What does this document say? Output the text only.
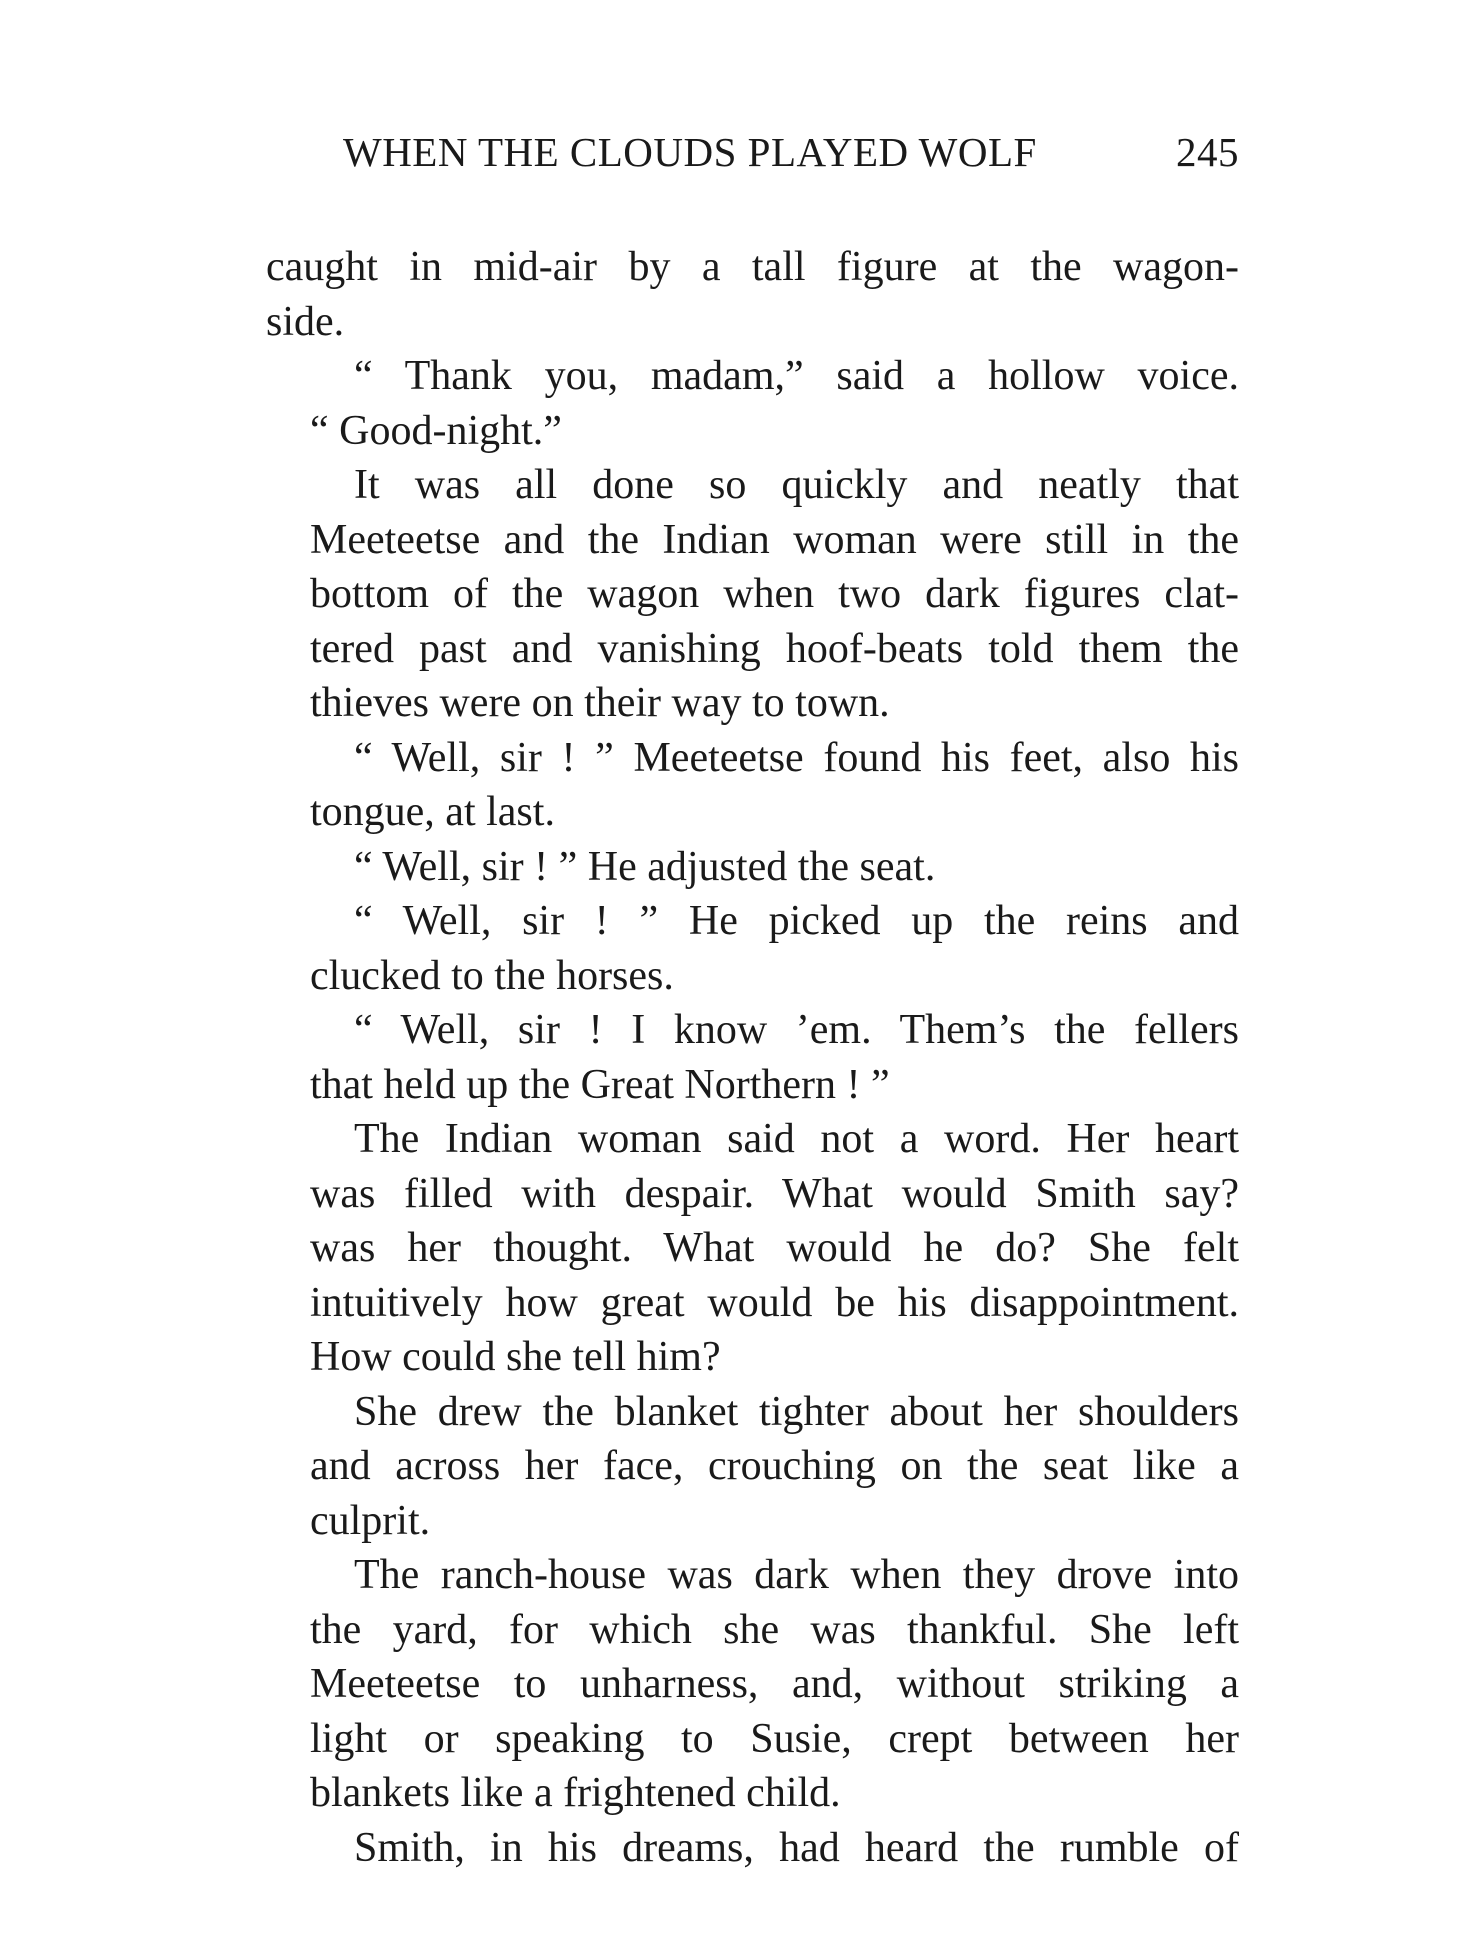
WHEN THE CLOUDS PLAYED WOLF	245

caught in mid-air by a tall figure at the wagon-
side.

“ Thank you, madam,” said a hollow voice.
“ Good-night.”

It was all done so quickly and neatly that
Meeteetse and the Indian woman were still in the
bottom of the wagon when two dark figures clat-
tered past and vanishing hoof-beats told them the
thieves were on their way to town.

“ Well, sir ! ” Meeteetse found his feet, also his
tongue, at last.

“ Well, sir ! ” He adjusted the seat.

“ Well, sir ! ” He picked up the reins and
clucked to the horses.

“ Well, sir ! I know ’em. Them’s the fellers
that held up the Great Northern ! ”

The Indian woman said not a word. Her heart
was filled with despair. What would Smith say?
was her thought. What would he do? She felt
intuitively how great would be his disappointment.
How could she tell him?

She drew the blanket tighter about her shoulders
and across her face, crouching on the seat like a
culprit.

The ranch-house was dark when they drove into
the yard, for which she was thankful. She left
Meeteetse to unharness, and, without striking a
light or speaking to Susie, crept between her
blankets like a frightened child.

Smith, in his dreams, had heard the rumble of
